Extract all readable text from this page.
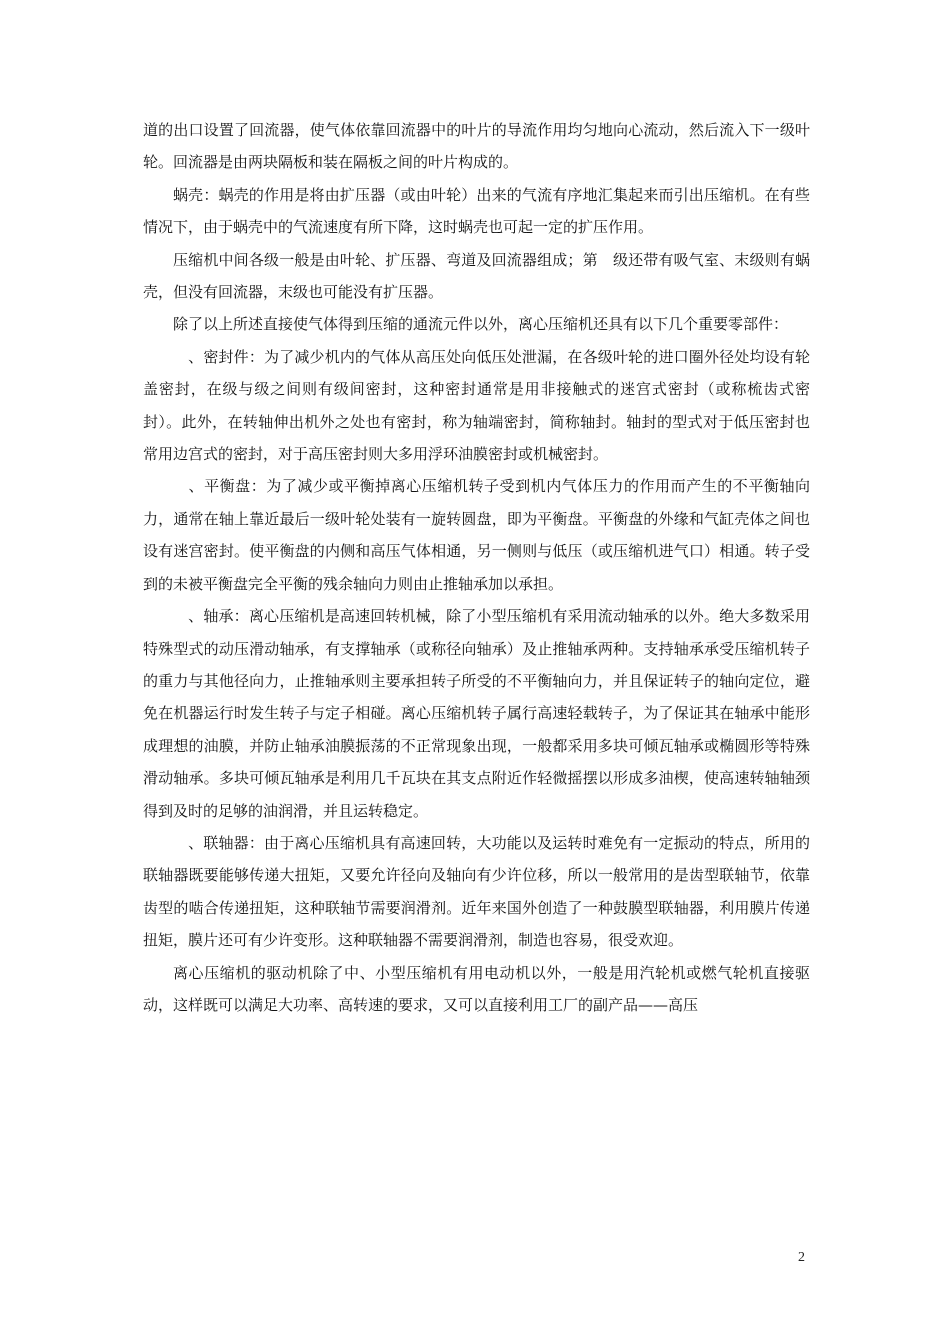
道的出口设置了回流器，使气体依靠回流器中的叶片的导流作用均匀地向心流动，然后流入下一级叶轮。回流器是由两块隔板和装在隔板之间的叶片构成的。

蜗壳：蜗壳的作用是将由扩压器（或由叶轮）出来的气流有序地汇集起来而引出压缩机。在有些情况下，由于蜗壳中的气流速度有所下降，这时蜗壳也可起一定的扩压作用。

压缩机中间各级一般是由叶轮、扩压器、弯道及回流器组成；第　级还带有吸气室、末级则有蜗壳，但没有回流器，末级也可能没有扩压器。

除了以上所述直接使气体得到压缩的通流元件以外，离心压缩机还具有以下几个重要零部件：

　、密封件：为了减少机内的气体从高压处向低压处泄漏，在各级叶轮的进口圈外径处均设有轮盖密封，在级与级之间则有级间密封，这种密封通常是用非接触式的迷宫式密封（或称梳齿式密封）。此外，在转轴伸出机外之处也有密封，称为轴端密封，简称轴封。轴封的型式对于低压密封也常用边宫式的密封，对于高压密封则大多用浮环油膜密封或机械密封。

　、平衡盘：为了减少或平衡掉离心压缩机转子受到机内气体压力的作用而产生的不平衡轴向力，通常在轴上靠近最后一级叶轮处装有一旋转圆盘，即为平衡盘。平衡盘的外缘和气缸壳体之间也设有迷宫密封。使平衡盘的内侧和高压气体相通，另一侧则与低压（或压缩机进气口）相通。转子受到的未被平衡盘完全平衡的残余轴向力则由止推轴承加以承担。

　、轴承：离心压缩机是高速回转机械，除了小型压缩机有采用流动轴承的以外。绝大多数采用特殊型式的动压滑动轴承，有支撑轴承（或称径向轴承）及止推轴承两种。支持轴承承受压缩机转子的重力与其他径向力，止推轴承则主要承担转子所受的不平衡轴向力，并且保证转子的轴向定位，避免在机器运行时发生转子与定子相碰。离心压缩机转子属行高速轻载转子，为了保证其在轴承中能形成理想的油膜，并防止轴承油膜振荡的不正常现象出现，一般都采用多块可倾瓦轴承或椭圆形等特殊滑动轴承。多块可倾瓦轴承是利用几千瓦块在其支点附近作轻微摇摆以形成多油楔，使高速转轴轴颈得到及时的足够的油润滑，并且运转稳定。

　、联轴器：由于离心压缩机具有高速回转，大功能以及运转时难免有一定振动的特点，所用的联轴器既要能够传递大扭矩，又要允许径向及轴向有少许位移，所以一般常用的是齿型联轴节，依靠齿型的啮合传递扭矩，这种联轴节需要润滑剂。近年来国外创造了一种鼓膜型联轴器，利用膜片传递扭矩，膜片还可有少许变形。这种联轴器不需要润滑剂，制造也容易，很受欢迎。

离心压缩机的驱动机除了中、小型压缩机有用电动机以外，一般是用汽轮机或燃气轮机直接驱动，这样既可以满足大功率、高转速的要求，又可以直接利用工厂的副产品——高压

2
